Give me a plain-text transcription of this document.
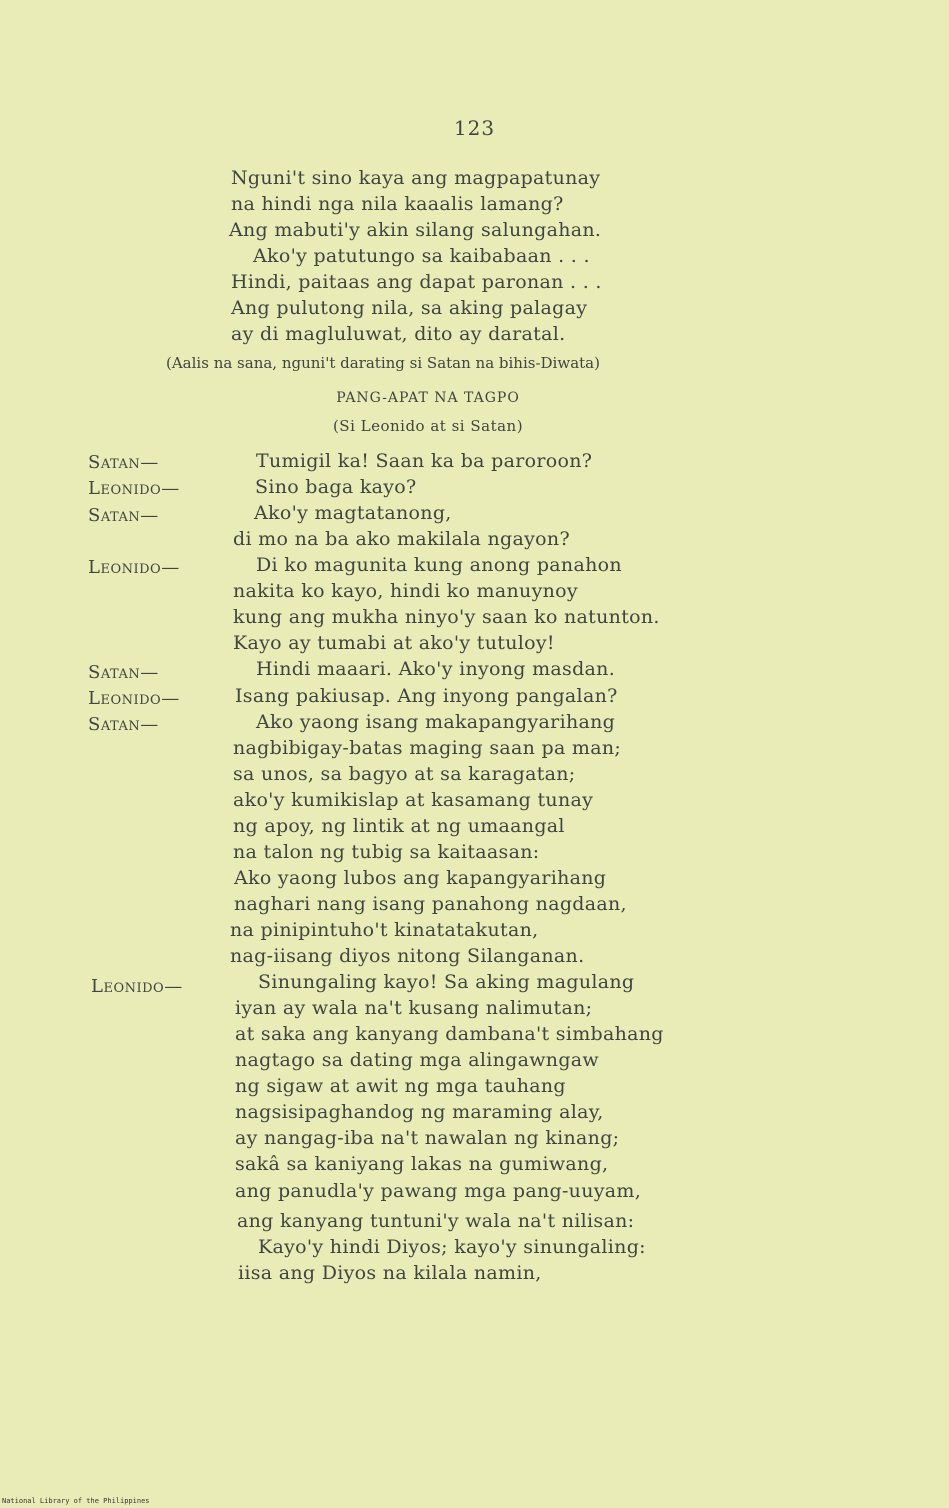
123
Nguni't sino kaya ang magpapatunay
na hindi nga nila kaaalis lamang?
Ang mabuti'y akin silang salungahan.
Ako'y patutungo sa kaibabaan . . .
Hindi, paitaas ang dapat paronan . . .
Ang pulutong nila, sa aking palagay
ay di magluluwat, dito ay daratal.
(Aalis na sana, nguni't darating si Satan na bihis-Diwata)
PANG-APAT NA TAGPO
(Si Leonido at si Satan)
Satan—
Leonido—
Satan—
Leonido—
Satan—
Leonido—
Satan—
Leonido—
Tumigil ka! Saan ka ba paroroon?
Sino baga kayo?
Ako'y magtatanong,
di mo na ba ako makilala ngayon?
Di ko magunita kung anong panahon
nakita ko kayo, hindi ko manuynoy
kung ang mukha ninyo'y saan ko natunton.
Kayo ay tumabi at ako'y tutuloy!
Hindi maaari. Ako'y inyong masdan.
Isang pakiusap. Ang inyong pangalan?
Ako yaong isang makapangyarihang
nagbibigay-batas maging saan pa man;
sa unos, sa bagyo at sa karagatan;
ako'y kumikislap at kasamang tunay
ng apoy, ng lintik at ng umaangal
na talon ng tubig sa kaitaasan:
Ako yaong lubos ang kapangyarihang
naghari nang isang panahong nagdaan,
na pinipintuho't kinatatakutan,
nag-iisang diyos nitong Silanganan.
Sinungaling kayo! Sa aking magulang
iyan ay wala na't kusang nalimutan;
at saka ang kanyang dambana't simbahang
nagtago sa dating mga alingawngaw
ng sigaw at awit ng mga tauhang
nagsisipaghandog ng maraming alay,
ay nangag-iba na't nawalan ng kinang;
sakâ sa kaniyang lakas na gumiwang,
ang panudla'y pawang mga pang-uuyam,
ang kanyang tuntuni'y wala na't nilisan:
Kayo'y hindi Diyos; kayo'y sinungaling:
iisa ang Diyos na kilala namin,
National Library of the Philippines
